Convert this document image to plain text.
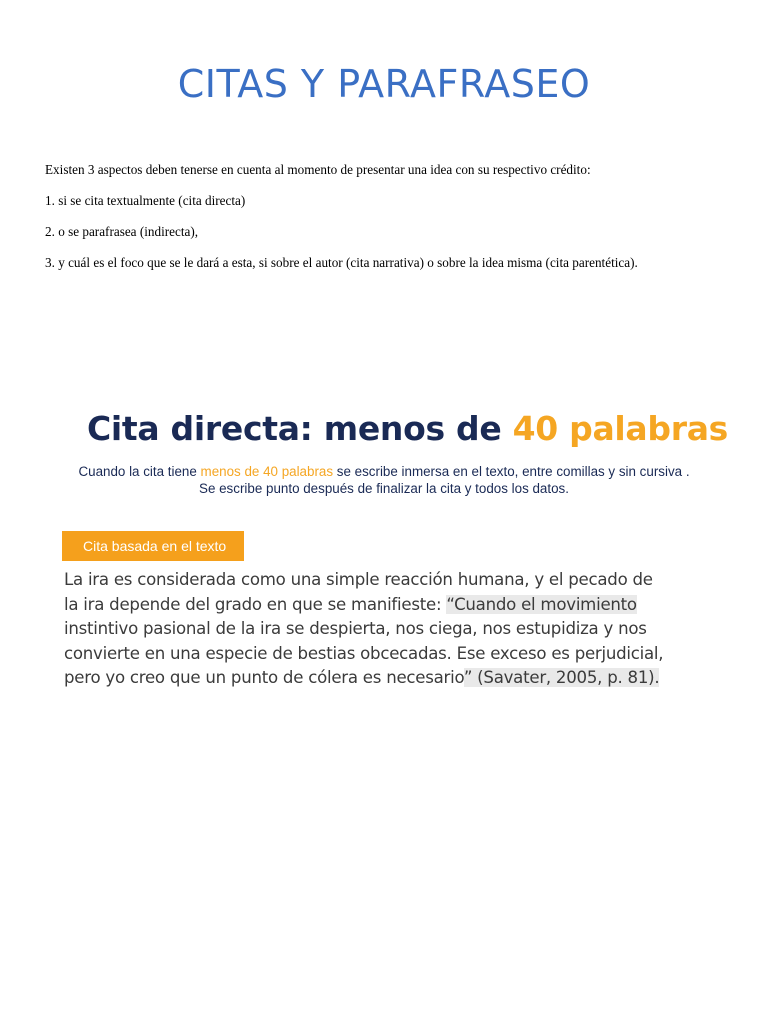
CITAS Y PARAFRASEO

Existen 3 aspectos deben tenerse en cuenta al momento de presentar una idea con su respectivo crédito:

1. si se cita textualmente (cita directa)

2. o se parafrasea (indirecta),

3. y cuál es el foco que se le dará a esta, si sobre el autor (cita narrativa) o sobre la idea misma (cita parentética).

Cita directa: menos de 40 palabras
Cuando la cita tiene menos de 40 palabras se escribe inmersa en el texto, entre comillas y sin cursiva .
Se escribe punto después de finalizar la cita y todos los datos.
Cita basada en el texto
La ira es considerada como una simple reacción humana, y el pecado de
la ira depende del grado en que se manifieste: “Cuando el movimiento
instintivo pasional de la ira se despierta, nos ciega, nos estupidiza y nos
convierte en una especie de bestias obcecadas. Ese exceso es perjudicial,
pero yo creo que un punto de cólera es necesario” (Savater, 2005, p. 81).
